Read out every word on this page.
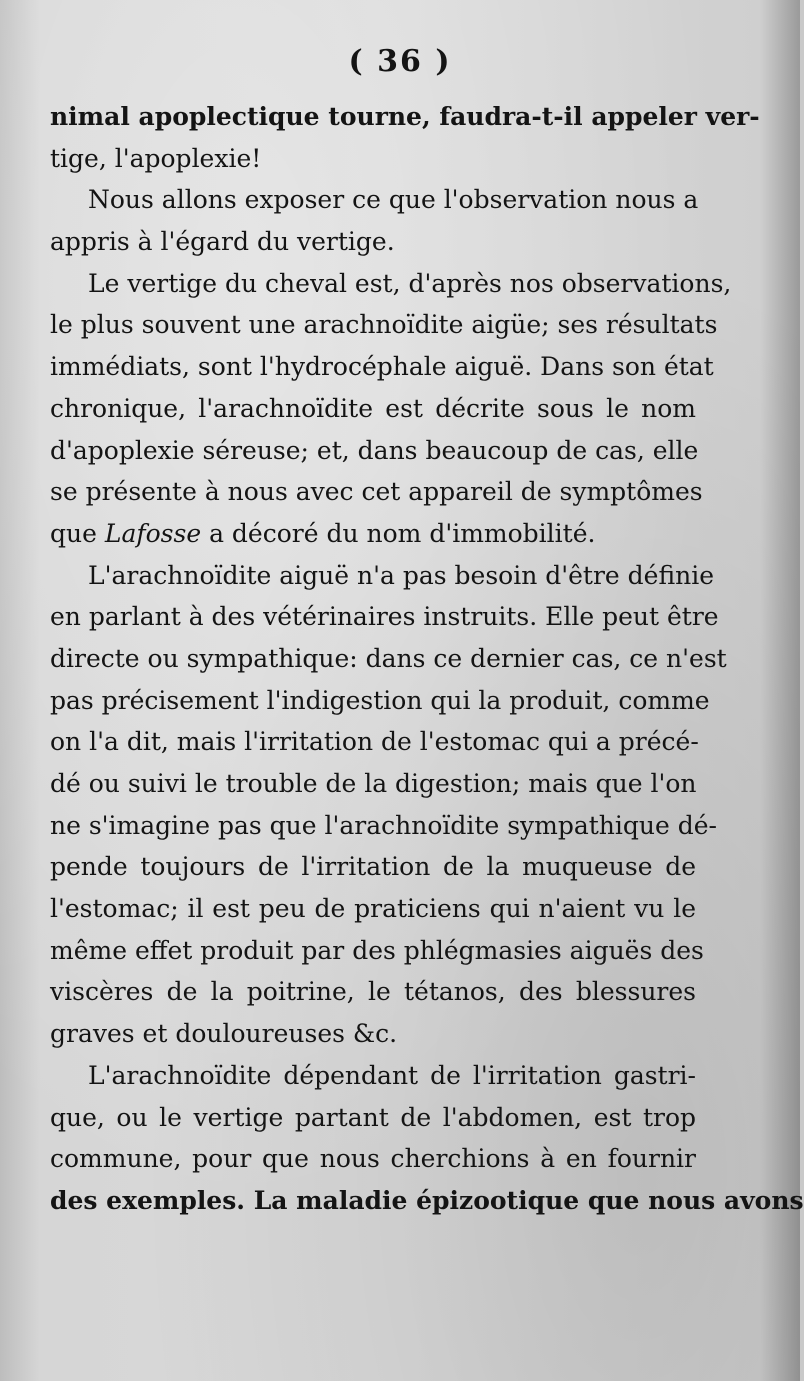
( 36 )
nimal apoplectique tourne, faudra-t-il appeler ver-
tige, l'apoplexie!
Nous allons exposer ce que l'observation nous a
appris à l'égard du vertige.
Le vertige du cheval est, d'après nos observations,
le plus souvent une arachnoïdite aigüe; ses résultats
immédiats, sont l'hydrocéphale aiguë. Dans son état
chronique, l'arachnoïdite est décrite sous le nom
d'apoplexie séreuse; et, dans beaucoup de cas, elle
se présente à nous avec cet appareil de symptômes
que Lafosse a décoré du nom d'immobilité.
L'arachnoïdite aiguë n'a pas besoin d'être définie
en parlant à des vétérinaires instruits. Elle peut être
directe ou sympathique: dans ce dernier cas, ce n'est
pas précisement l'indigestion qui la produit, comme
on l'a dit, mais l'irritation de l'estomac qui a précé-
dé ou suivi le trouble de la digestion; mais que l'on
ne s'imagine pas que l'arachnoïdite sympathique dé-
pende toujours de l'irritation de la muqueuse de
l'estomac; il est peu de praticiens qui n'aient vu le
même effet produit par des phlégmasies aiguës des
viscères de la poitrine, le tétanos, des blessures
graves et douloureuses &c.
L'arachnoïdite dépendant de l'irritation gastri-
que, ou le vertige partant de l'abdomen, est trop
commune, pour que nous cherchions à en fournir
des exemples. La maladie épizootique que nous avons
